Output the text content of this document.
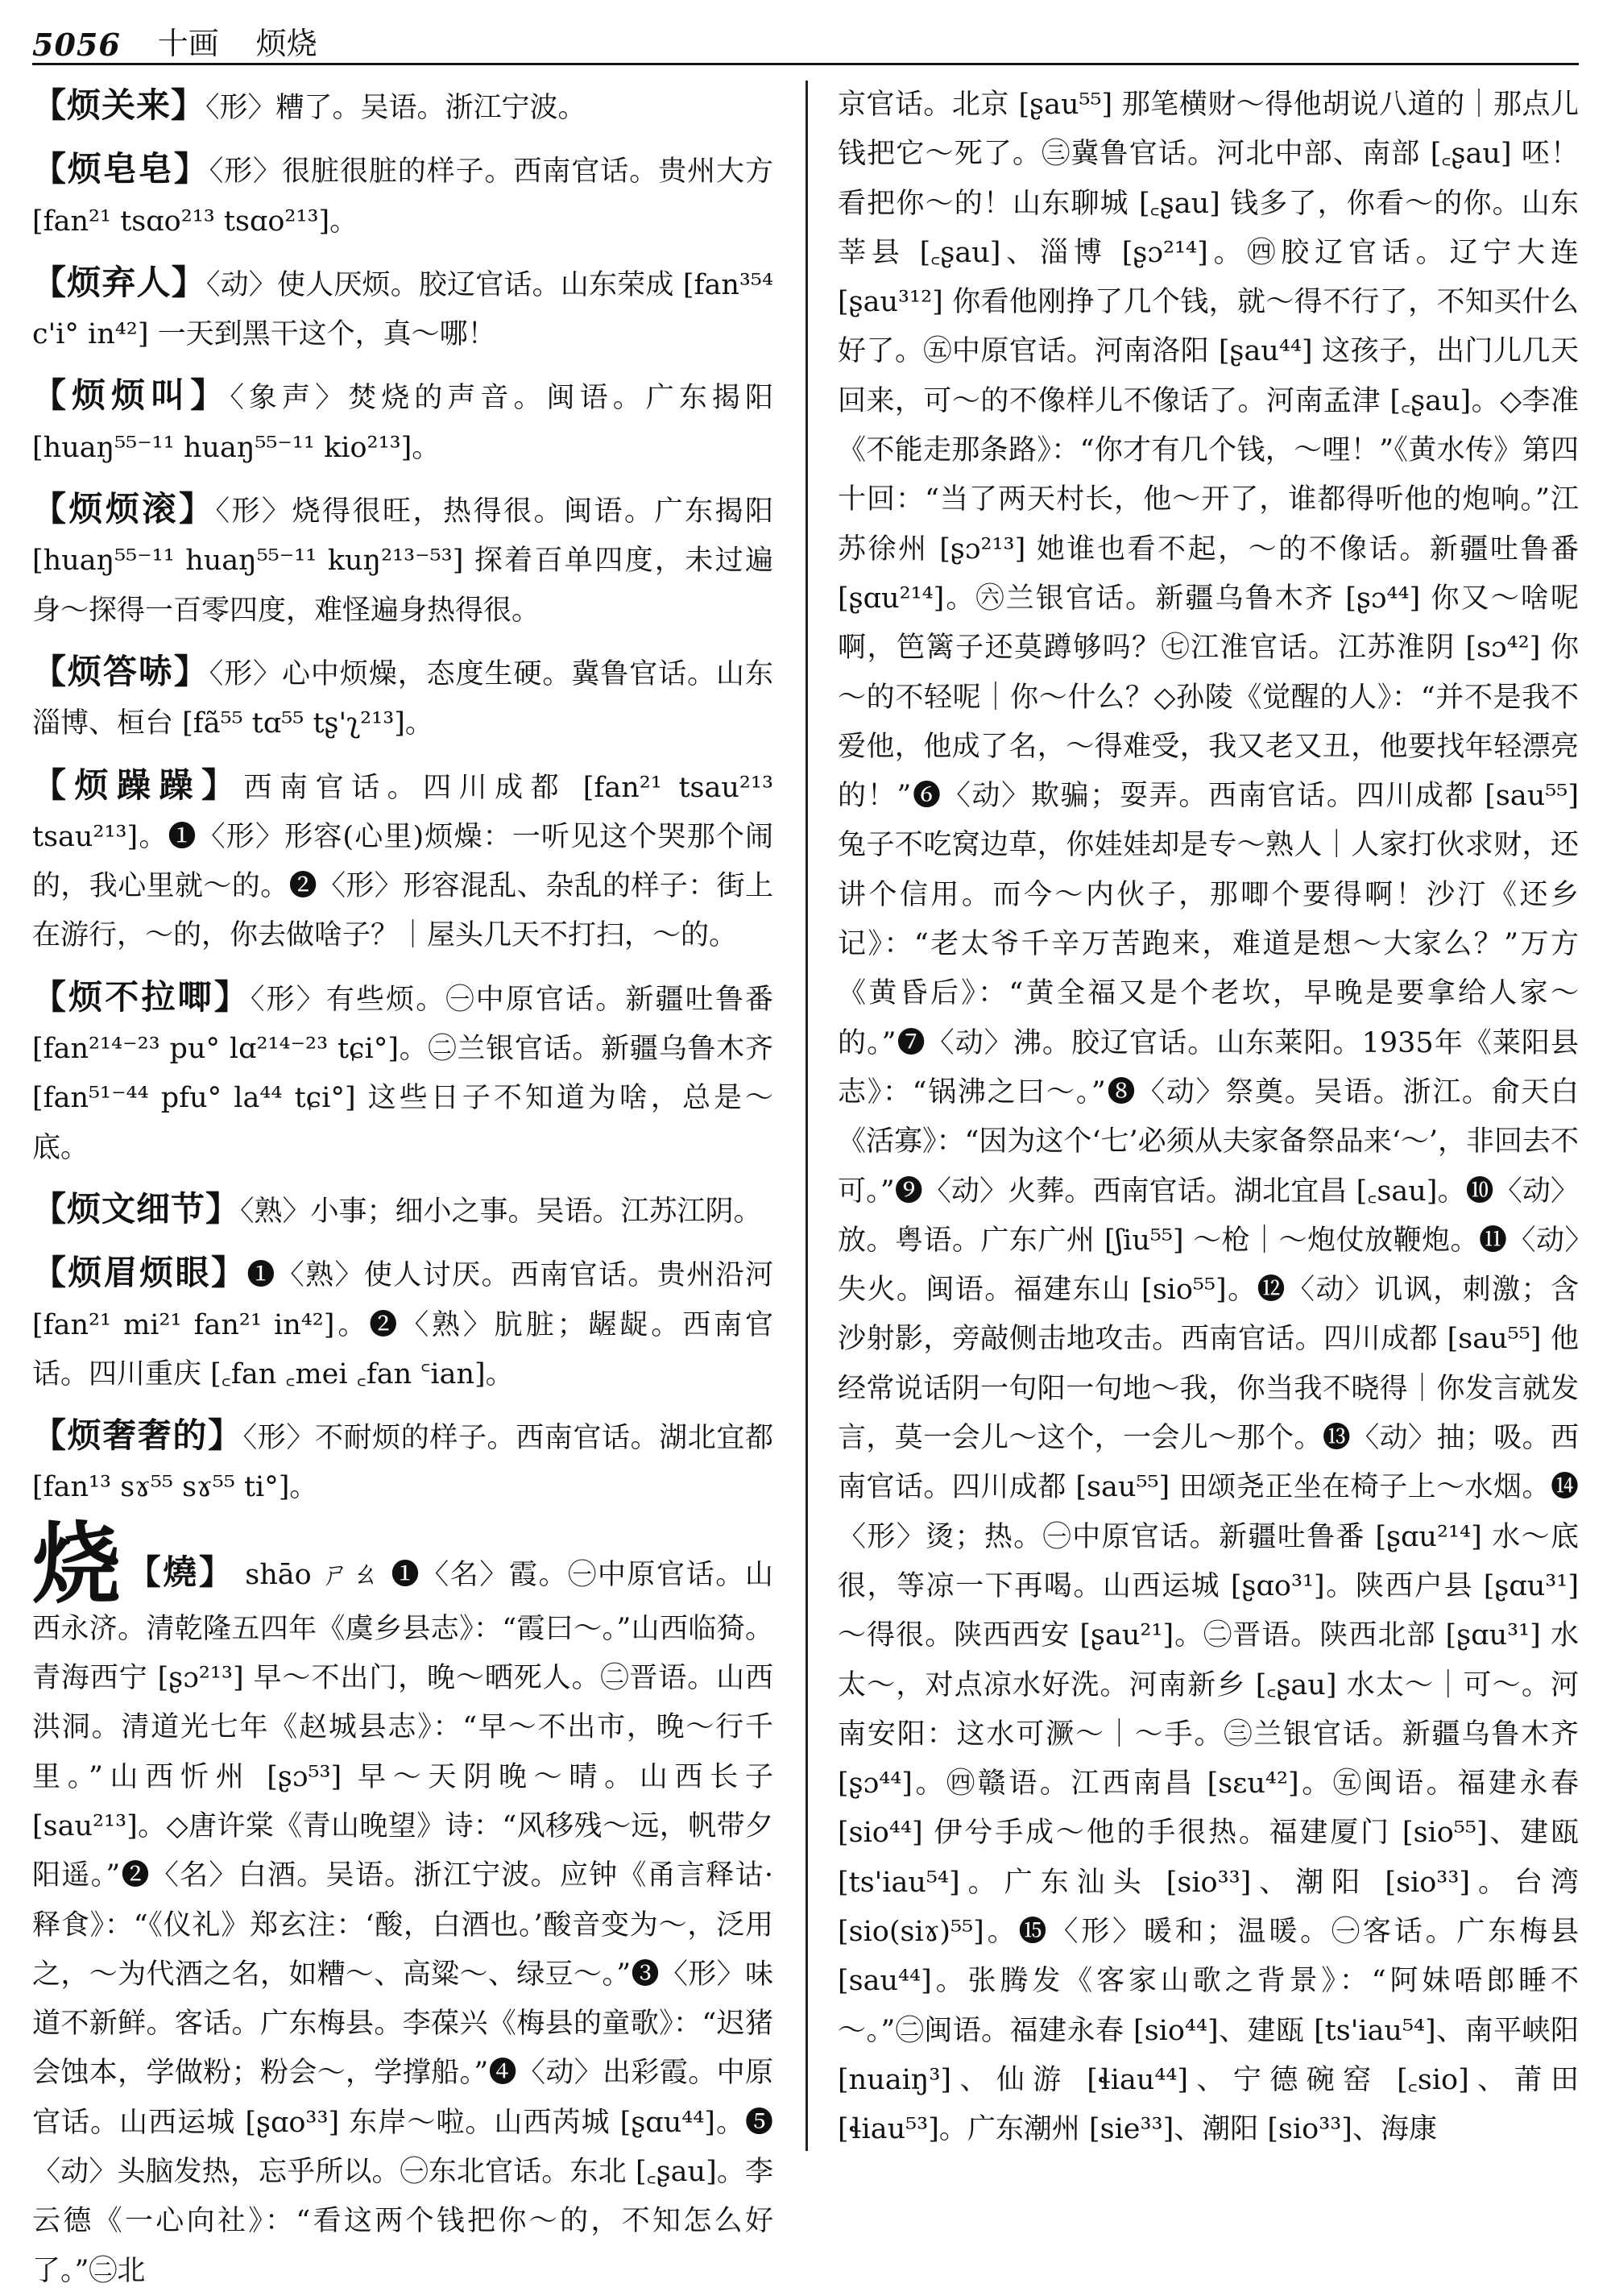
5056 十画 烦烧
【烦关来】〈形〉糟了。吴语。浙江宁波。
【烦皂皂】〈形〉很脏很脏的样子。西南官话。贵州大方 [fan²¹ tsɑo²¹³ tsɑo²¹³]。
【烦弃人】〈动〉使人厌烦。胶辽官话。山东荣成 [fan³⁵⁴ c'i° in⁴²] 一天到黑干这个，真～哪！
【烦烦叫】〈象声〉焚烧的声音。闽语。广东揭阳 [huaŋ⁵⁵⁻¹¹ huaŋ⁵⁵⁻¹¹ kio²¹³]。
【烦烦滚】〈形〉烧得很旺，热得很。闽语。广东揭阳 [huaŋ⁵⁵⁻¹¹ huaŋ⁵⁵⁻¹¹ kuŋ²¹³⁻⁵³] 探着百单四度，未过遍身～探得一百零四度，难怪遍身热得很。
【烦答哧】〈形〉心中烦燥，态度生硬。冀鲁官话。山东淄博、桓台 [fã⁵⁵ tɑ⁵⁵ tʂ'ʅ²¹³]。
【烦躁躁】西南官话。四川成都 [fan²¹ tsau²¹³ tsau²¹³]。❶〈形〉形容(心里)烦燥：一听见这个哭那个闹的，我心里就～的。❷〈形〉形容混乱、杂乱的样子：街上在游行，～的，你去做啥子？｜屋头几天不打扫，～的。
【烦不拉唧】〈形〉有些烦。㊀中原官话。新疆吐鲁番 [fan²¹⁴⁻²³ pu° lɑ²¹⁴⁻²³ tɕi°]。㊁兰银官话。新疆乌鲁木齐 [fan⁵¹⁻⁴⁴ pfu° la⁴⁴ tɕi°] 这些日子不知道为啥，总是～底。
【烦文细节】〈熟〉小事；细小之事。吴语。江苏江阴。
【烦眉烦眼】❶〈熟〉使人讨厌。西南官话。贵州沿河 [fan²¹ mi²¹ fan²¹ in⁴²]。❷〈熟〉肮脏；龌龊。西南官话。四川重庆 [꜀fan ꜀mei ꜀fan ꜂ian]。
【烦奢奢的】〈形〉不耐烦的样子。西南官话。湖北宜都 [fan¹³ sɤ⁵⁵ sɤ⁵⁵ ti°]。
烧 【燒】 shāo ㄕㄠ ❶〈名〉霞。㊀中原官话。山西永济。清乾隆五四年《虞乡县志》：“霞曰～。”山西临猗。青海西宁 [ʂɔ²¹³] 早～不出门，晚～晒死人。㊁晋语。山西洪洞。清道光七年《赵城县志》：“早～不出市，晚～行千里。”山西忻州 [ʂɔ⁵³] 早～天阴晚～晴。山西长子 [sau²¹³]。◇唐许棠《青山晚望》诗：“风移残～远，帆带夕阳遥。”❷〈名〉白酒。吴语。浙江宁波。应钟《甬言释诂·释食》：“《仪礼》郑玄注：‘酸，白酒也。’酸音变为～，泛用之，～为代酒之名，如糟～、高粱～、绿豆～。”❸〈形〉味道不新鲜。客话。广东梅县。李葆兴《梅县的童歌》：“迟猪会蚀本，学做粉；粉会～，学撑船。”❹〈动〉出彩霞。中原官话。山西运城 [ʂɑo³³] 东岸～啦。山西芮城 [ʂɑu⁴⁴]。❺〈动〉头脑发热，忘乎所以。㊀东北官话。东北 [꜀ʂau]。李云德《一心向社》：“看这两个钱把你～的，不知怎么好了。”㊁北

京官话。北京 [ʂau⁵⁵] 那笔横财～得他胡说八道的｜那点儿钱把它～死了。㊂冀鲁官话。河北中部、南部 [꜀ʂau] 呸！看把你～的！山东聊城 [꜀ʂau] 钱多了，你看～的你。山东莘县 [꜀ʂau]、淄博 [ʂɔ²¹⁴]。㊃胶辽官话。辽宁大连 [ʂau³¹²] 你看他刚挣了几个钱，就～得不行了，不知买什么好了。㊄中原官话。河南洛阳 [ʂau⁴⁴] 这孩子，出门儿几天回来，可～的不像样儿不像话了。河南孟津 [꜀ʂau]。◇李准《不能走那条路》：“你才有几个钱，～哩！”《黄水传》第四十回：“当了两天村长，他～开了，谁都得听他的炮响。”江苏徐州 [ʂɔ²¹³] 她谁也看不起，～的不像话。新疆吐鲁番 [ʂɑu²¹⁴]。㊅兰银官话。新疆乌鲁木齐 [ʂɔ⁴⁴] 你又～啥呢啊，笆篱子还莫蹲够吗？㊆江淮官话。江苏淮阴 [sɔ⁴²] 你～的不轻呢｜你～什么？◇孙陵《觉醒的人》：“并不是我不爱他，他成了名，～得难受，我又老又丑，他要找年轻漂亮的！”❻〈动〉欺骗；耍弄。西南官话。四川成都 [sau⁵⁵] 兔子不吃窝边草，你娃娃却是专～熟人｜人家打伙求财，还讲个信用。而今～内伙子，那唧个要得啊！沙汀《还乡记》：“老太爷千辛万苦跑来，难道是想～大家么？”万方《黄昏后》：“黄全福又是个老坎，早晚是要拿给人家～的。”❼〈动〉沸。胶辽官话。山东莱阳。1935年《莱阳县志》：“锅沸之曰～。”❽〈动〉祭奠。吴语。浙江。俞天白《活寡》：“因为这个‘七’必须从夫家备祭品来‘～’，非回去不可。”❾〈动〉火葬。西南官话。湖北宜昌 [꜀sau]。❿〈动〉放。粤语。广东广州 [ʃiu⁵⁵] ～枪｜～炮仗放鞭炮。⓫〈动〉失火。闽语。福建东山 [sio⁵⁵]。⓬〈动〉讥讽，刺激；含沙射影，旁敲侧击地攻击。西南官话。四川成都 [sau⁵⁵] 他经常说话阴一句阳一句地～我，你当我不晓得｜你发言就发言，莫一会儿～这个，一会儿～那个。⓭〈动〉抽；吸。西南官话。四川成都 [sau⁵⁵] 田颂尧正坐在椅子上～水烟。⓮〈形〉烫；热。㊀中原官话。新疆吐鲁番 [ʂɑu²¹⁴] 水～底很，等凉一下再喝。山西运城 [ʂɑo³¹]。陕西户县 [ʂɑu³¹] ～得很。陕西西安 [ʂau²¹]。㊁晋语。陕西北部 [ʂɑu³¹] 水太～，对点凉水好洗。河南新乡 [꜀ʂau] 水太～｜可～。河南安阳：这水可㵐～｜～手。㊂兰银官话。新疆乌鲁木齐 [ʂɔ⁴⁴]。㊃赣语。江西南昌 [sɛu⁴²]。㊄闽语。福建永春 [sio⁴⁴] 伊兮手成～他的手很热。福建厦门 [sio⁵⁵]、建瓯 [ts'iau⁵⁴]。广东汕头 [sio³³]、潮阳 [sio³³]。台湾 [sio(siɤ)⁵⁵]。⓯〈形〉暖和；温暖。㊀客话。广东梅县 [sau⁴⁴]。张腾发《客家山歌之背景》：“阿妹唔郎睡不～。”㊁闽语。福建永春 [sio⁴⁴]、建瓯 [ts'iau⁵⁴]、南平峡阳 [nuaiŋ³]、仙游 [ɬiau⁴⁴]、宁德碗窑 [꜀sio]、莆田 [ɬiau⁵³]。广东潮州 [sie³³]、潮阳 [sio³³]、海康
